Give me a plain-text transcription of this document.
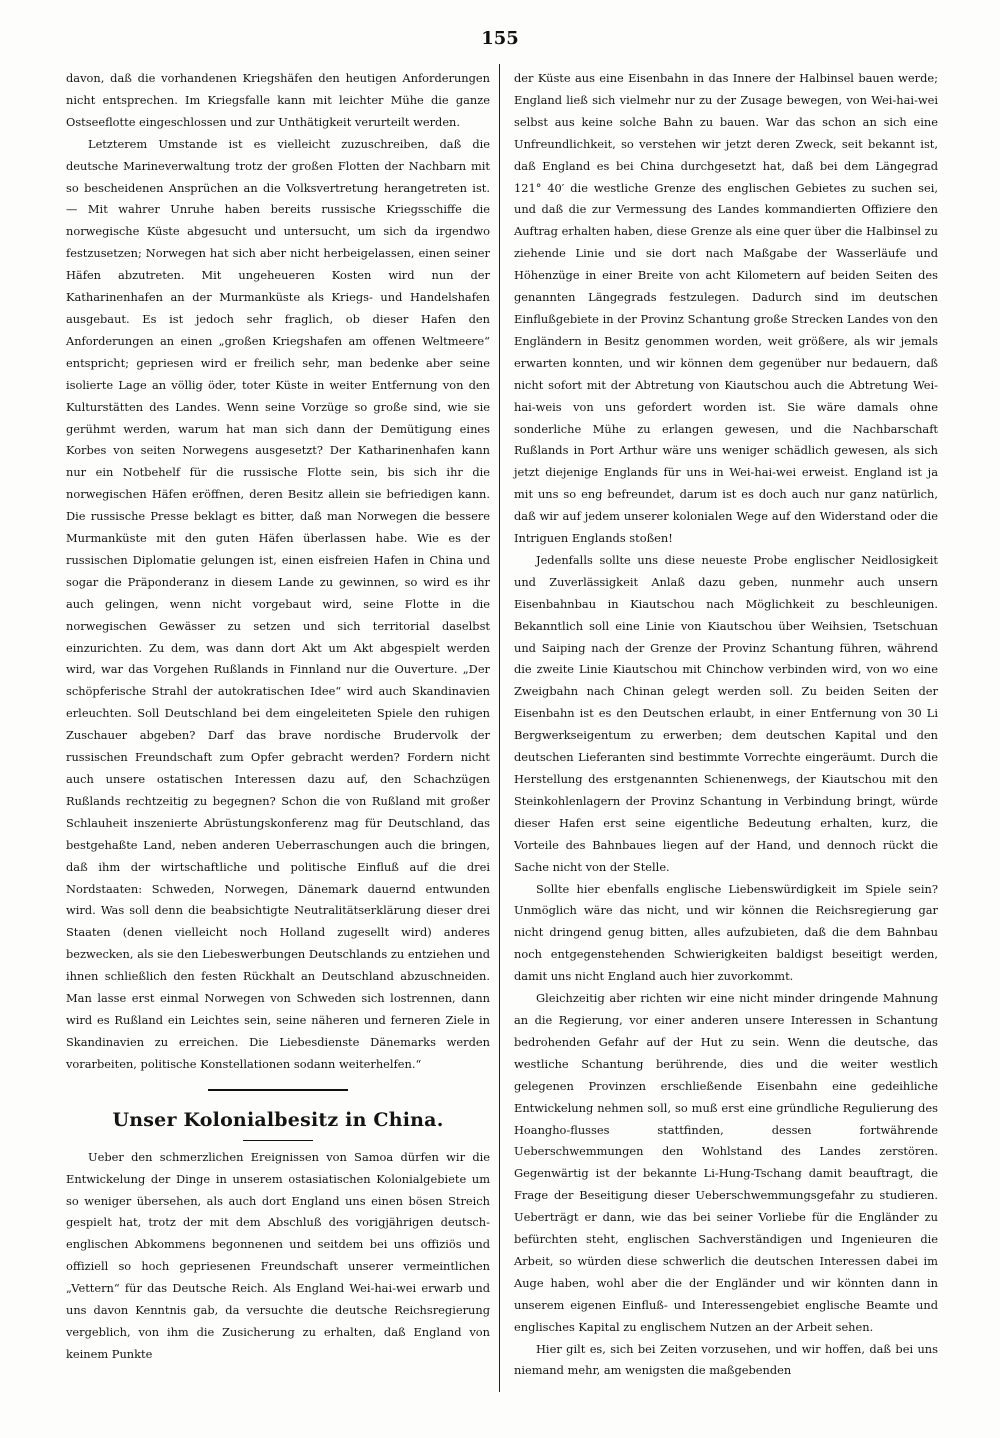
155

davon, daß die vorhandenen Kriegshäfen den heutigen Anforderungen nicht entsprechen. Im Kriegsfalle kann mit leichter Mühe die ganze Ostseeflotte eingeschlossen und zur Unthätigkeit verurteilt werden.

Letzterem Umstande ist es vielleicht zuzuschreiben, daß die deutsche Marineverwaltung trotz der großen Flotten der Nachbarn mit so bescheidenen Ansprüchen an die Volksvertretung herangetreten ist. — Mit wahrer Unruhe haben bereits russische Kriegsschiffe die norwegische Küste abgesucht und untersucht, um sich da irgendwo festzusetzen; Norwegen hat sich aber nicht herbeigelassen, einen seiner Häfen abzutreten. Mit ungeheueren Kosten wird nun der Katharinenhafen an der Murmanküste als Kriegs- und Handelshafen ausgebaut. Es ist jedoch sehr fraglich, ob dieser Hafen den Anforderungen an einen „großen Kriegshafen am offenen Weltmeere“ entspricht; gepriesen wird er freilich sehr, man bedenke aber seine isolierte Lage an völlig öder, toter Küste in weiter Entfernung von den Kulturstätten des Landes. Wenn seine Vorzüge so große sind, wie sie gerühmt werden, warum hat man sich dann der Demütigung eines Korbes von seiten Norwegens ausgesetzt? Der Katharinenhafen kann nur ein Notbehelf für die russische Flotte sein, bis sich ihr die norwegischen Häfen eröffnen, deren Besitz allein sie befriedigen kann. Die russische Presse beklagt es bitter, daß man Norwegen die bessere Murmanküste mit den guten Häfen überlassen habe. Wie es der russischen Diplomatie gelungen ist, einen eisfreien Hafen in China und sogar die Präponderanz in diesem Lande zu gewinnen, so wird es ihr auch gelingen, wenn nicht vorgebaut wird, seine Flotte in die norwegischen Gewässer zu setzen und sich territorial daselbst einzurichten. Zu dem, was dann dort Akt um Akt abgespielt werden wird, war das Vorgehen Rußlands in Finnland nur die Ouverture. „Der schöpferische Strahl der autokratischen Idee“ wird auch Skandinavien erleuchten. Soll Deutschland bei dem eingeleiteten Spiele den ruhigen Zuschauer abgeben? Darf das brave nordische Brudervolk der russischen Freundschaft zum Opfer gebracht werden? Fordern nicht auch unsere ostatischen Interessen dazu auf, den Schachzügen Rußlands rechtzeitig zu begegnen? Schon die von Rußland mit großer Schlauheit inszenierte Abrüstungskonferenz mag für Deutschland, das bestgehaßte Land, neben anderen Ueberraschungen auch die bringen, daß ihm der wirtschaftliche und politische Einfluß auf die drei Nordstaaten: Schweden, Norwegen, Dänemark dauernd entwunden wird. Was soll denn die beabsichtigte Neutralitätserklärung dieser drei Staaten (denen vielleicht noch Holland zugesellt wird) anderes bezwecken, als sie den Liebeswerbungen Deutschlands zu entziehen und ihnen schließlich den festen Rückhalt an Deutschland abzuschneiden. Man lasse erst einmal Norwegen von Schweden sich lostrennen, dann wird es Rußland ein Leichtes sein, seine näheren und ferneren Ziele in Skandinavien zu erreichen. Die Liebesdienste Dänemarks werden vorarbeiten, politische Konstellationen sodann weiterhelfen.“

Unser Kolonialbesitz in China.

Ueber den schmerzlichen Ereignissen von Samoa dürfen wir die Entwickelung der Dinge in unserem ostasiatischen Kolonialgebiete um so weniger übersehen, als auch dort England uns einen bösen Streich gespielt hat, trotz der mit dem Abschluß des vorigjährigen deutsch-englischen Abkommens begonnenen und seitdem bei uns offiziös und offiziell so hoch gepriesenen Freundschaft unserer vermeintlichen „Vettern“ für das Deutsche Reich. Als England Wei-hai-wei erwarb und uns davon Kenntnis gab, da versuchte die deutsche Reichsregierung vergeblich, von ihm die Zusicherung zu erhalten, daß England von keinem Punkte

der Küste aus eine Eisenbahn in das Innere der Halbinsel bauen werde; England ließ sich vielmehr nur zu der Zusage bewegen, von Wei-hai-wei selbst aus keine solche Bahn zu bauen. War das schon an sich eine Unfreundlichkeit, so verstehen wir jetzt deren Zweck, seit bekannt ist, daß England es bei China durchgesetzt hat, daß bei dem Längegrad 121° 40′ die westliche Grenze des englischen Gebietes zu suchen sei, und daß die zur Vermessung des Landes kommandierten Offiziere den Auftrag erhalten haben, diese Grenze als eine quer über die Halbinsel zu ziehende Linie und sie dort nach Maßgabe der Wasserläufe und Höhenzüge in einer Breite von acht Kilometern auf beiden Seiten des genannten Längegrads festzulegen. Dadurch sind im deutschen Einflußgebiete in der Provinz Schantung große Strecken Landes von den Engländern in Besitz genommen worden, weit größere, als wir jemals erwarten konnten, und wir können dem gegenüber nur bedauern, daß nicht sofort mit der Abtretung von Kiautschou auch die Abtretung Wei-hai-weis von uns gefordert worden ist. Sie wäre damals ohne sonderliche Mühe zu erlangen gewesen, und die Nachbarschaft Rußlands in Port Arthur wäre uns weniger schädlich gewesen, als sich jetzt diejenige Englands für uns in Wei-hai-wei erweist. England ist ja mit uns so eng befreundet, darum ist es doch auch nur ganz natürlich, daß wir auf jedem unserer kolonialen Wege auf den Widerstand oder die Intriguen Englands stoßen!

Jedenfalls sollte uns diese neueste Probe englischer Neidlosigkeit und Zuverlässigkeit Anlaß dazu geben, nunmehr auch unsern Eisenbahnbau in Kiautschou nach Möglichkeit zu beschleunigen. Bekanntlich soll eine Linie von Kiautschou über Weihsien, Tsetschuan und Saiping nach der Grenze der Provinz Schantung führen, während die zweite Linie Kiautschou mit Chinchow verbinden wird, von wo eine Zweigbahn nach Chinan gelegt werden soll. Zu beiden Seiten der Eisenbahn ist es den Deutschen erlaubt, in einer Entfernung von 30 Li Bergwerkseigentum zu erwerben; dem deutschen Kapital und den deutschen Lieferanten sind bestimmte Vorrechte eingeräumt. Durch die Herstellung des erstgenannten Schienenwegs, der Kiautschou mit den Steinkohlenlagern der Provinz Schantung in Verbindung bringt, würde dieser Hafen erst seine eigentliche Bedeutung erhalten, kurz, die Vorteile des Bahnbaues liegen auf der Hand, und dennoch rückt die Sache nicht von der Stelle.

Sollte hier ebenfalls englische Liebenswürdigkeit im Spiele sein? Unmöglich wäre das nicht, und wir können die Reichsregierung gar nicht dringend genug bitten, alles aufzubieten, daß die dem Bahnbau noch entgegenstehenden Schwierigkeiten baldigst beseitigt werden, damit uns nicht England auch hier zuvorkommt.

Gleichzeitig aber richten wir eine nicht minder dringende Mahnung an die Regierung, vor einer anderen unsere Interessen in Schantung bedrohenden Gefahr auf der Hut zu sein. Wenn die deutsche, das westliche Schantung berührende, dies und die weiter westlich gelegenen Provinzen erschließende Eisenbahn eine gedeihliche Entwickelung nehmen soll, so muß erst eine gründliche Regulierung des Hoangho-flusses stattfinden, dessen fortwährende Ueberschwemmungen den Wohlstand des Landes zerstören. Gegenwärtig ist der bekannte Li-Hung-Tschang damit beauftragt, die Frage der Beseitigung dieser Ueberschwemmungsgefahr zu studieren. Ueberträgt er dann, wie das bei seiner Vorliebe für die Engländer zu befürchten steht, englischen Sachverständigen und Ingenieuren die Arbeit, so würden diese schwerlich die deutschen Interessen dabei im Auge haben, wohl aber die der Engländer und wir könnten dann in unserem eigenen Einfluß- und Interessengebiet englische Beamte und englisches Kapital zu englischem Nutzen an der Arbeit sehen.

Hier gilt es, sich bei Zeiten vorzusehen, und wir hoffen, daß bei uns niemand mehr, am wenigsten die maßgebenden
